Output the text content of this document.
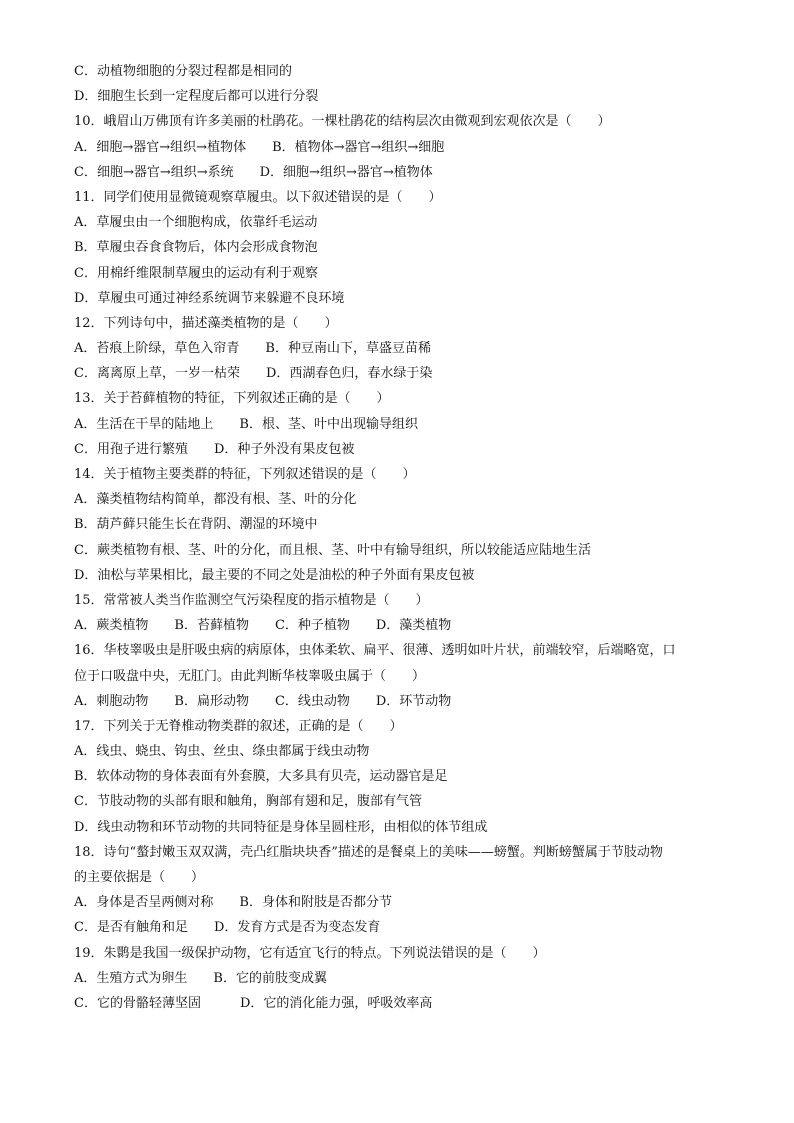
C．动植物细胞的分裂过程都是相同的
D．细胞生长到一定程度后都可以进行分裂
10．峨眉山万佛顶有许多美丽的杜鹃花。一棵杜鹃花的结构层次由微观到宏观依次是（　　）
A．细胞→器官→组织→植物体　　B．植物体→器官→组织→细胞
C．细胞→器官→组织→系统　　D．细胞→组织→器官→植物体
11．同学们使用显微镜观察草履虫。以下叙述错误的是（　　）
A．草履虫由一个细胞构成，依靠纤毛运动
B．草履虫吞食食物后，体内会形成食物泡
C．用棉纤维限制草履虫的运动有利于观察
D．草履虫可通过神经系统调节来躲避不良环境
12．下列诗句中，描述藻类植物的是（　　）
A．苔痕上阶绿，草色入帘青　　B．种豆南山下，草盛豆苗稀
C．离离原上草，一岁一枯荣　　D．西湖春色归，春水绿于染
13．关于苔藓植物的特征，下列叙述正确的是（　　）
A．生活在干旱的陆地上　　B．根、茎、叶中出现输导组织
C．用孢子进行繁殖　　D．种子外没有果皮包被
14．关于植物主要类群的特征，下列叙述错误的是（　　）
A．藻类植物结构简单，都没有根、茎、叶的分化
B．葫芦藓只能生长在背阴、潮湿的环境中
C．蕨类植物有根、茎、叶的分化，而且根、茎、叶中有输导组织，所以较能适应陆地生活
D．油松与苹果相比，最主要的不同之处是油松的种子外面有果皮包被
15．常常被人类当作监测空气污染程度的指示植物是（　　）
A．蕨类植物　　B．苔藓植物　　C．种子植物　　D．藻类植物
16．华枝睾吸虫是肝吸虫病的病原体，虫体柔软、扁平、很薄、透明如叶片状，前端较窄，后端略宽，口
位于口吸盘中央，无肛门。由此判断华枝睾吸虫属于（　　）
A．刺胞动物　　B．扁形动物　　C．线虫动物　　D．环节动物
17．下列关于无脊椎动物类群的叙述，正确的是（　　）
A．线虫、蛲虫、钩虫、丝虫、绦虫都属于线虫动物
B．软体动物的身体表面有外套膜，大多具有贝壳，运动器官是足
C．节肢动物的头部有眼和触角，胸部有翅和足，腹部有气管
D．线虫动物和环节动物的共同特征是身体呈圆柱形，由相似的体节组成
18．诗句“螯封嫩玉双双满，壳凸红脂块块香”描述的是餐桌上的美味——螃蟹。判断螃蟹属于节肢动物
的主要依据是（　　）
A．身体是否呈两侧对称　　B．身体和附肢是否都分节
C．是否有触角和足　　D．发育方式是否为变态发育
19．朱鹮是我国一级保护动物，它有适宜飞行的特点。下列说法错误的是（　　）
A．生殖方式为卵生　　B．它的前肢变成翼
C．它的骨骼轻薄坚固　　　D．它的消化能力强，呼吸效率高
